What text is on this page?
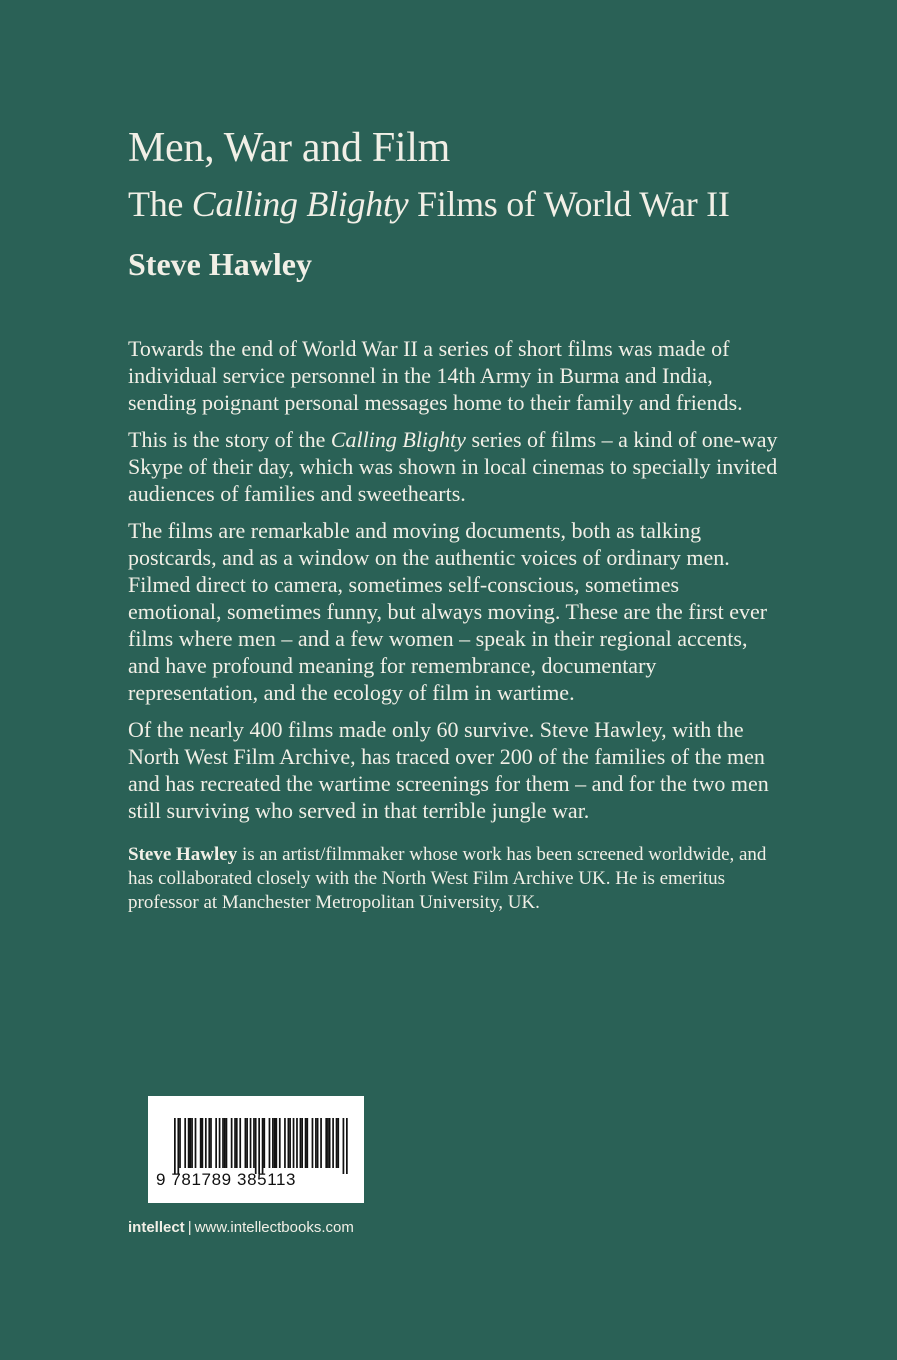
Men, War and Film
The Calling Blighty Films of World War II
Steve Hawley

Towards the end of World War II a series of short films was made of individual service personnel in the 14th Army in Burma and India, sending poignant personal messages home to their family and friends.

This is the story of the Calling Blighty series of films – a kind of one-way Skype of their day, which was shown in local cinemas to specially invited audiences of families and sweethearts.

The films are remarkable and moving documents, both as talking postcards, and as a window on the authentic voices of ordinary men. Filmed direct to camera, sometimes self-conscious, sometimes emotional, sometimes funny, but always moving. These are the first ever films where men – and a few women – speak in their regional accents, and have profound meaning for remembrance, documentary representation, and the ecology of film in wartime.

Of the nearly 400 films made only 60 survive. Steve Hawley, with the North West Film Archive, has traced over 200 of the families of the men and has recreated the wartime screenings for them – and for the two men still surviving who served in that terrible jungle war.

Steve Hawley is an artist/filmmaker whose work has been screened worldwide, and has collaborated closely with the North West Film Archive UK. He is emeritus professor at Manchester Metropolitan University, UK.

9 781789 385113
intellect | www.intellectbooks.com
